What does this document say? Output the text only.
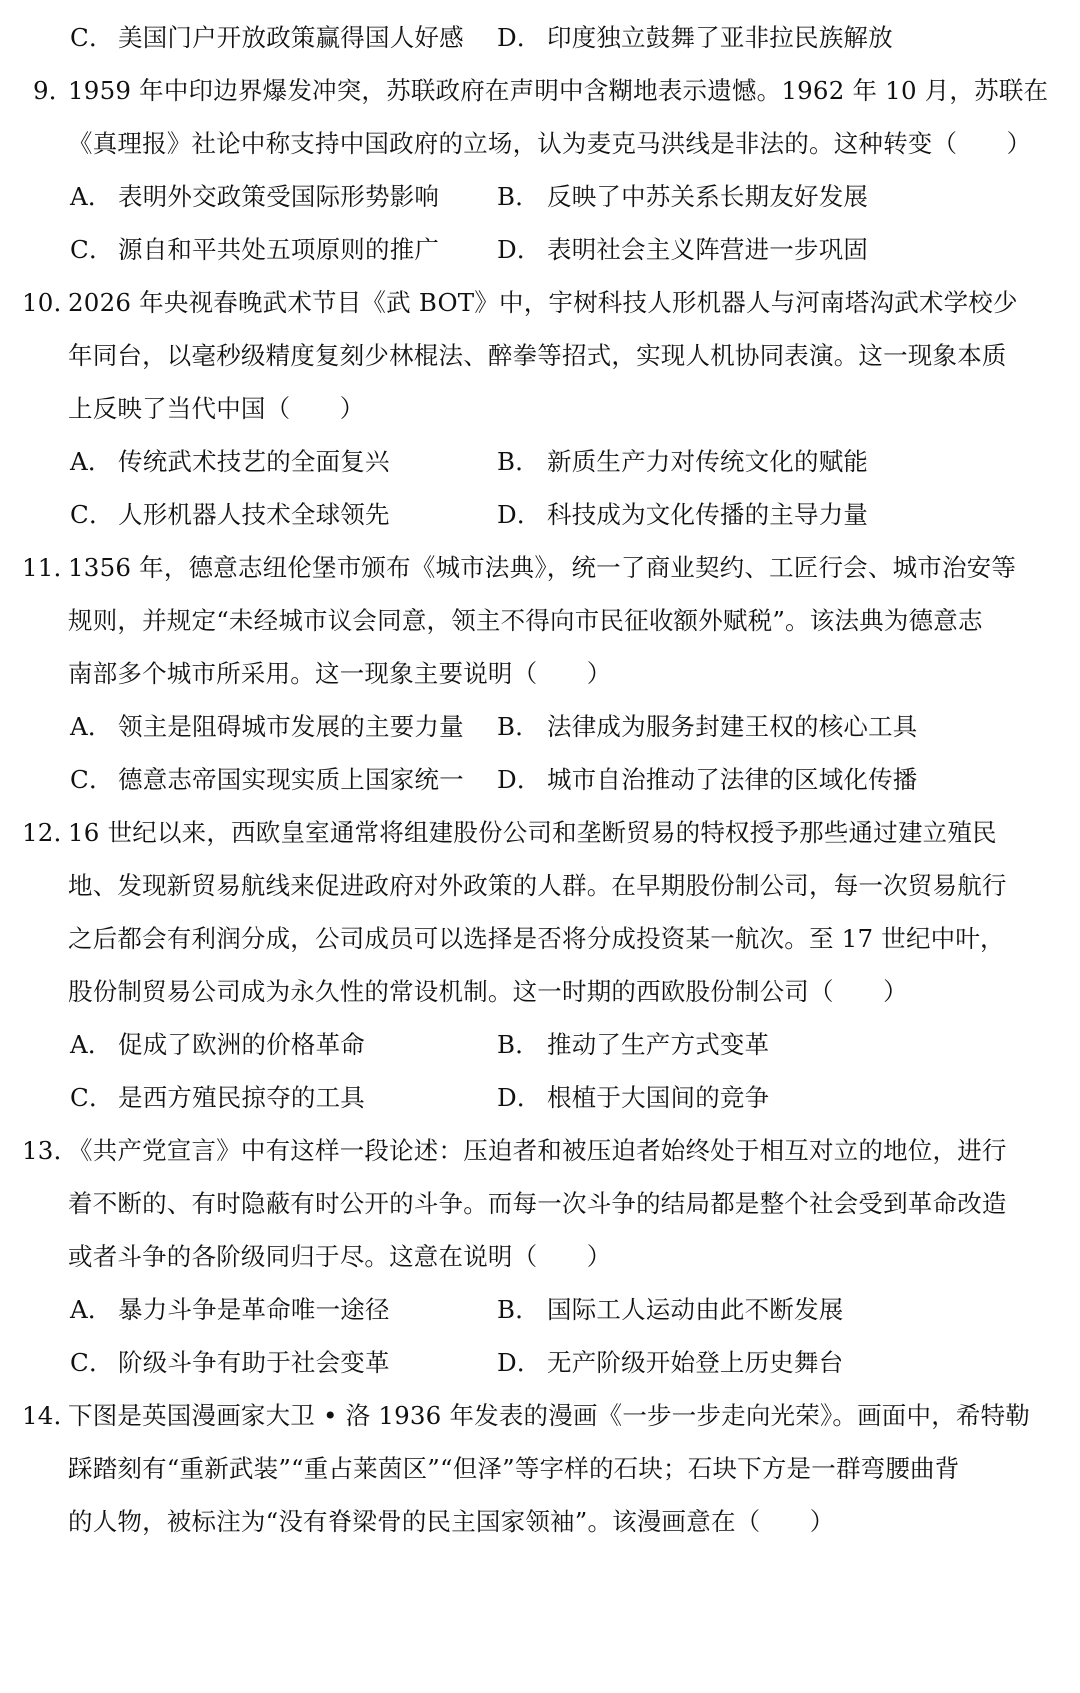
C． 美国门户开放政策赢得国人好感 D． 印度独立鼓舞了亚非拉民族解放
9．
1959 年中印边界爆发冲突，苏联政府在声明中含糊地表示遗憾。1962 年 10 月，苏联在
《真理报》社论中称支持中国政府的立场，认为麦克马洪线是非法的。这种转变（　　）
A． 表明外交政策受国际形势影响 B． 反映了中苏关系长期友好发展
C． 源自和平共处五项原则的推广 D． 表明社会主义阵营进一步巩固
10．
2026 年央视春晚武术节目《武 BOT》中，宇树科技人形机器人与河南塔沟武术学校少
年同台，以毫秒级精度复刻少林棍法、醉拳等招式，实现人机协同表演。这一现象本质
上反映了当代中国（　　）
A． 传统武术技艺的全面复兴	B． 新质生产力对传统文化的赋能
C． 人形机器人技术全球领先	D． 科技成为文化传播的主导力量
11．
1356 年，德意志纽伦堡市颁布《城市法典》，统一了商业契约、工匠行会、城市治安等
规则，并规定“未经城市议会同意，领主不得向市民征收额外赋税”。该法典为德意志
南部多个城市所采用。这一现象主要说明（　　）
A． 领主是阻碍城市发展的主要力量 B． 法律成为服务封建王权的核心工具
C． 德意志帝国实现实质上国家统一 D． 城市自治推动了法律的区域化传播
12．
16 世纪以来，西欧皇室通常将组建股份公司和垄断贸易的特权授予那些通过建立殖民
地、发现新贸易航线来促进政府对外政策的人群。在早期股份制公司，每一次贸易航行
之后都会有利润分成，公司成员可以选择是否将分成投资某一航次。至 17 世纪中叶，
股份制贸易公司成为永久性的常设机制。这一时期的西欧股份制公司（　　）
A． 促成了欧洲的价格革命	B． 推动了生产方式变革
C． 是西方殖民掠夺的工具	D． 根植于大国间的竞争
13．
《共产党宣言》中有这样一段论述：压迫者和被压迫者始终处于相互对立的地位，进行
着不断的、有时隐蔽有时公开的斗争。而每一次斗争的结局都是整个社会受到革命改造
或者斗争的各阶级同归于尽。这意在说明（　　）
A． 暴力斗争是革命唯一途径	B． 国际工人运动由此不断发展
C． 阶级斗争有助于社会变革	D． 无产阶级开始登上历史舞台
14．
下图是英国漫画家大卫 • 洛 1936 年发表的漫画《一步一步走向光荣》。画面中，希特勒
踩踏刻有“重新武装”“重占莱茵区”“但泽”等字样的石块；石块下方是一群弯腰曲背
的人物，被标注为“没有脊梁骨的民主国家领袖”。该漫画意在（　　）
